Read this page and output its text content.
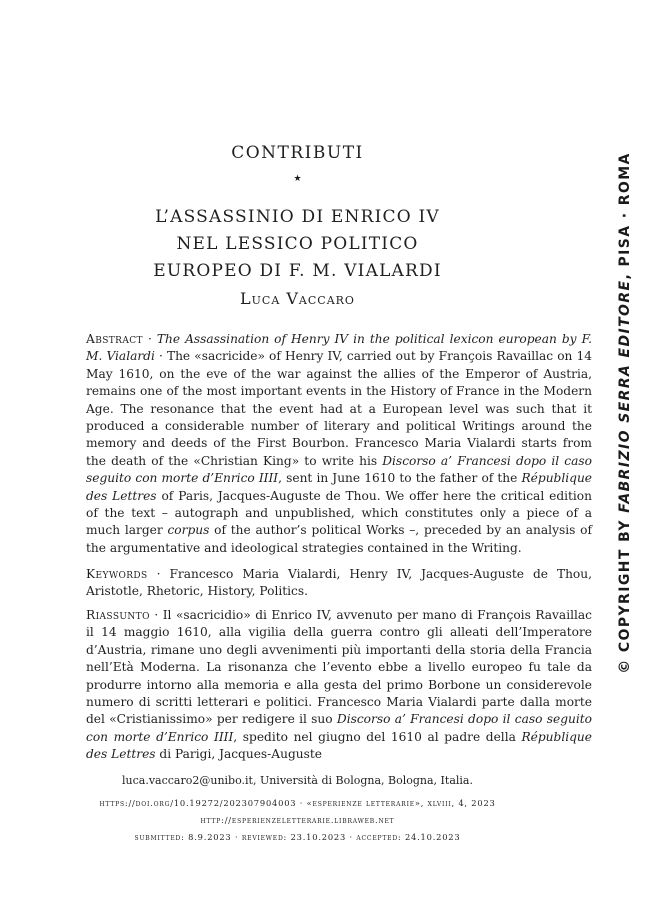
CONTRIBUTI
★
L’ASSASSINIO DI ENRICO IV
NEL LESSICO POLITICO
EUROPEO DI F. M. VIALARDI
Luca Vaccaro
Abstract · The Assassination of Henry IV in the political lexicon european by F. M. Vialardi · The «sacricide» of Henry IV, carried out by François Ravaillac on 14 May 1610, on the eve of the war against the allies of the Emperor of Austria, remains one of the most important events in the History of France in the Modern Age. The resonance that the event had at a European level was such that it produced a considerable number of literary and political Writings around the memory and deeds of the First Bourbon. Francesco Maria Vialardi starts from the death of the «Christian King» to write his Discorso a’ Francesi dopo il caso seguito con morte d’Enrico IIII, sent in June 1610 to the father of the République des Lettres of Paris, Jacques-Auguste de Thou. We offer here the critical edition of the text – autograph and unpublished, which constitutes only a piece of a much larger corpus of the author’s political Works –, preceded by an analysis of the argumentative and ideological strategies contained in the Writing.
Keywords · Francesco Maria Vialardi, Henry IV, Jacques-Auguste de Thou, Aristotle, Rhetoric, History, Politics.
Riassunto · Il «sacricidio» di Enrico IV, avvenuto per mano di François Ravaillac il 14 maggio 1610, alla vigilia della guerra contro gli alleati dell’Imperatore d’Austria, rimane uno degli avvenimenti più importanti della storia della Francia nell’Età Moderna. La risonanza che l’evento ebbe a livello europeo fu tale da produrre intorno alla memoria e alla gesta del primo Borbone un considerevole numero di scritti letterari e politici. Francesco Maria Vialardi parte dalla morte del «Cristianissimo» per redigere il suo Discorso a’ Francesi dopo il caso seguito con morte d’Enrico IIII, spedito nel giugno del 1610 al padre della République des Lettres di Parigi, Jacques-Auguste
luca.vaccaro2@unibo.it, Università di Bologna, Bologna, Italia.
https://doi.org/10.19272/202307904003 · «esperienze letterarie», xlviii, 4, 2023
http://esperienzeletterarie.libraweb.net
submitted: 8.9.2023 · reviewed: 23.10.2023 · accepted: 24.10.2023
© COPYRIGHT BY FABRIZIO SERRA EDITORE, PISA · ROMA
